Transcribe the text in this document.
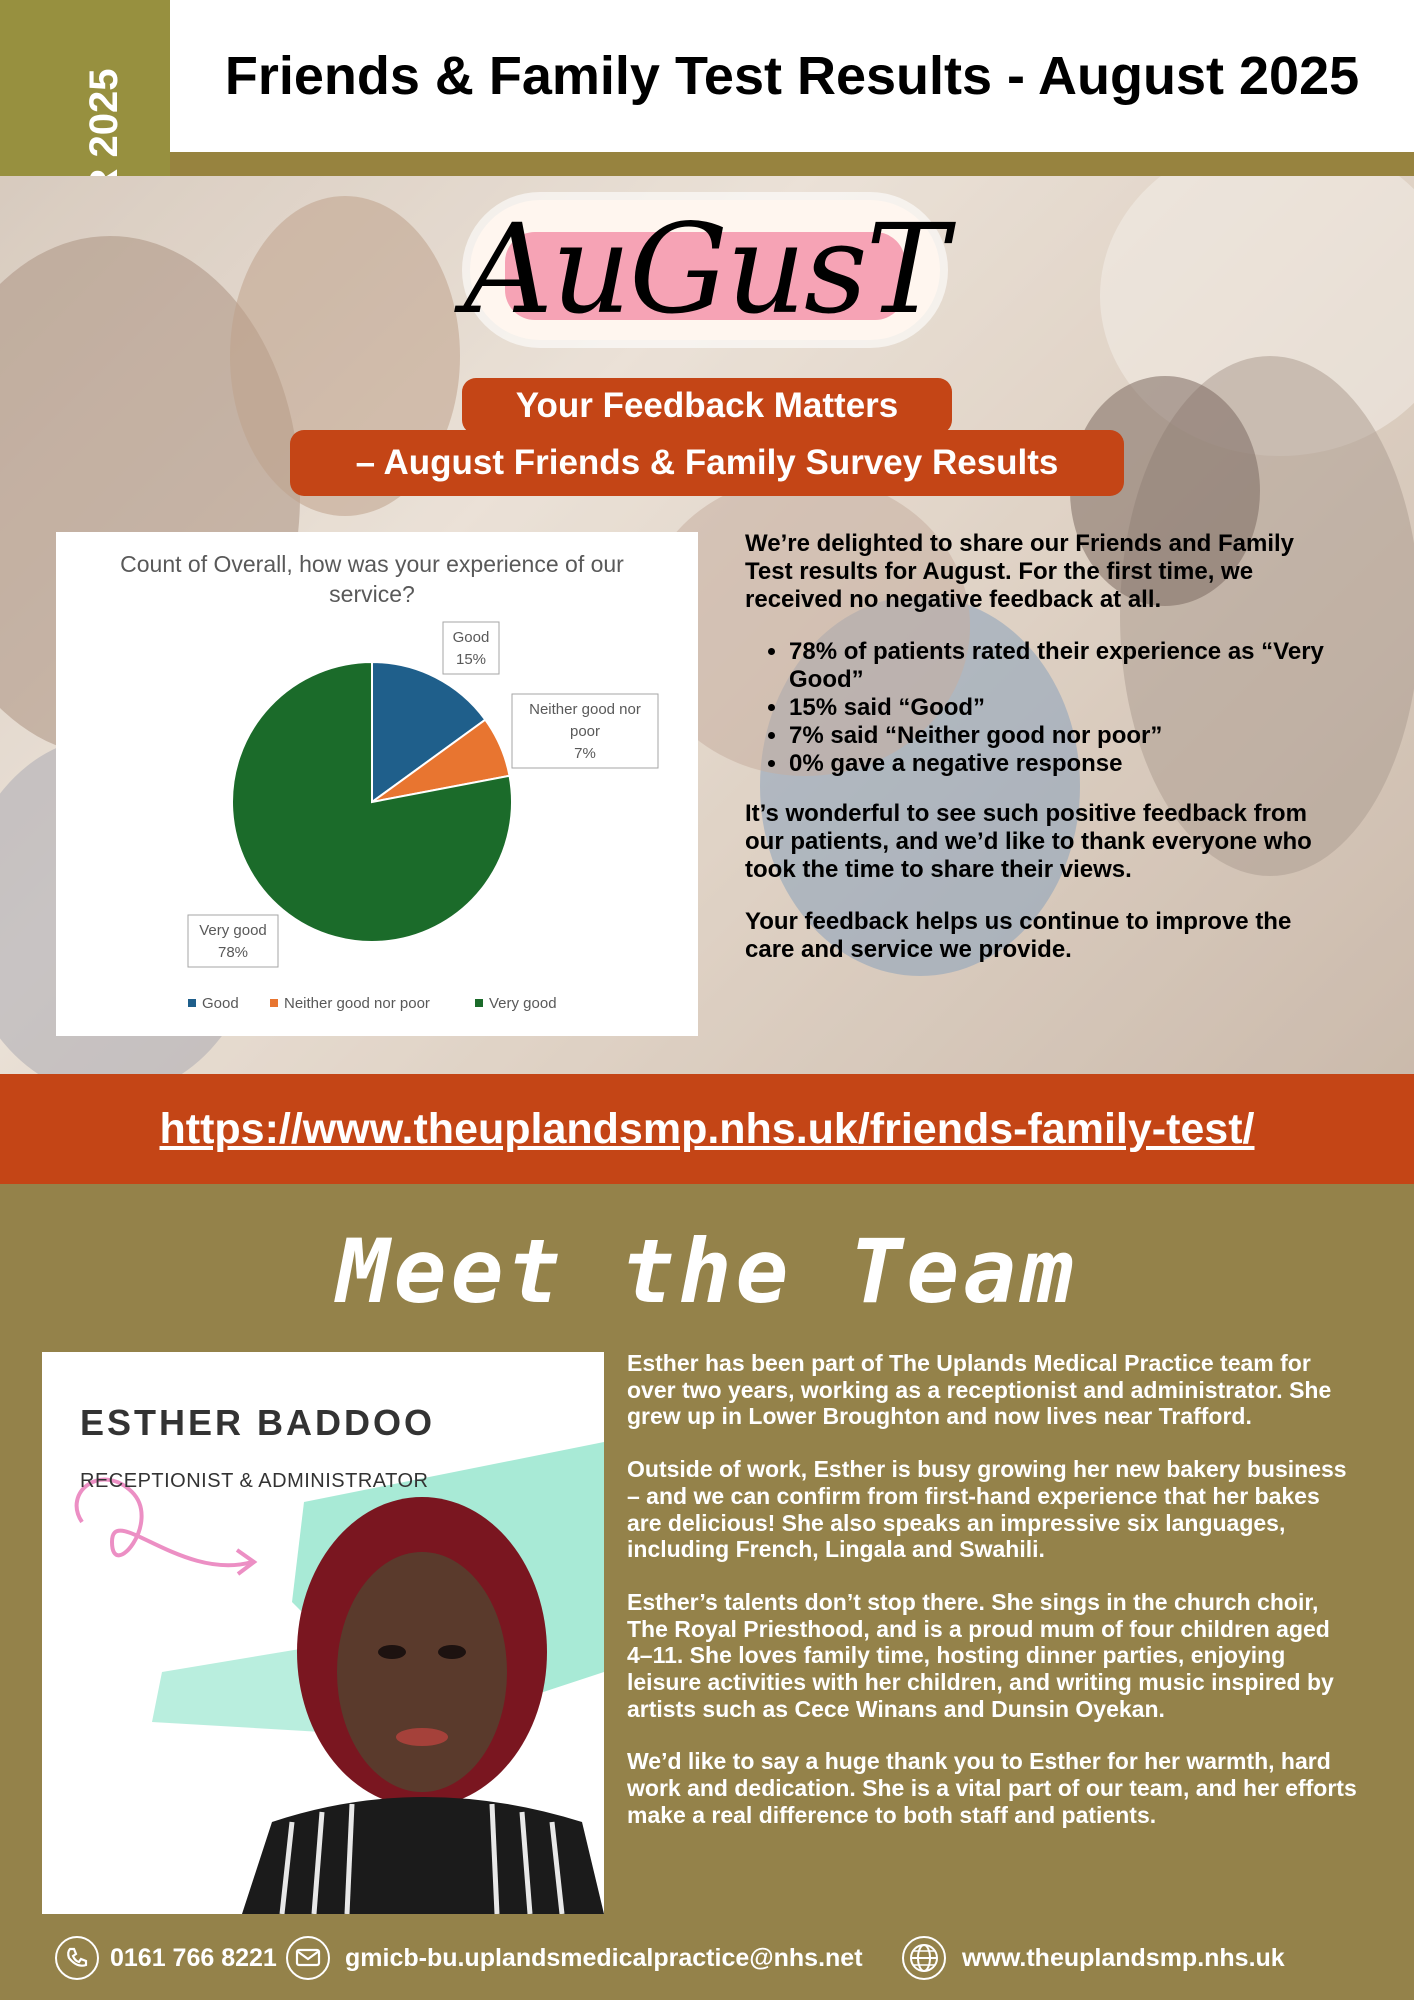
Friends & Family Test Results - August 2025
AuGusT
Your Feedback Matters
– August Friends & Family Survey Results
Count of Overall, how was your experience of our
service?
Good
15%
Neither good nor
poor
7%
Very good
78%
Good	Neither good nor poor	Very good

We’re delighted to share our Friends and Family Test results for August. For the first time, we received no negative feedback at all.

• 78% of patients rated their experience as “Very Good”
• 15% said “Good”
• 7% said “Neither good nor poor”
• 0% gave a negative response

It’s wonderful to see such positive feedback from our patients, and we’d like to thank everyone who took the time to share their views.

Your feedback helps us continue to improve the care and service we provide.

https://www.theuplandsmp.nhs.uk/friends-family-test/
Meet the Team
ESTHER BADDOO
RECEPTIONIST & ADMINISTRATOR

Esther has been part of The Uplands Medical Practice team for over two years, working as a receptionist and administrator. She grew up in Lower Broughton and now lives near Trafford.

Outside of work, Esther is busy growing her new bakery business – and we can confirm from first-hand experience that her bakes are delicious! She also speaks an impressive six languages, including French, Lingala and Swahili.

Esther’s talents don’t stop there. She sings in the church choir, The Royal Priesthood, and is a proud mum of four children aged 4–11. She loves family time, hosting dinner parties, enjoying leisure activities with her children, and writing music inspired by artists such as Cece Winans and Dunsin Oyekan.

We’d like to say a huge thank you to Esther for her warmth, hard work and dedication. She is a vital part of our team, and her efforts make a real difference to both staff and patients.

0161 766 8221	gmicb-bu.uplandsmedicalpractice@nhs.net	www.theuplandsmp.nhs.uk
